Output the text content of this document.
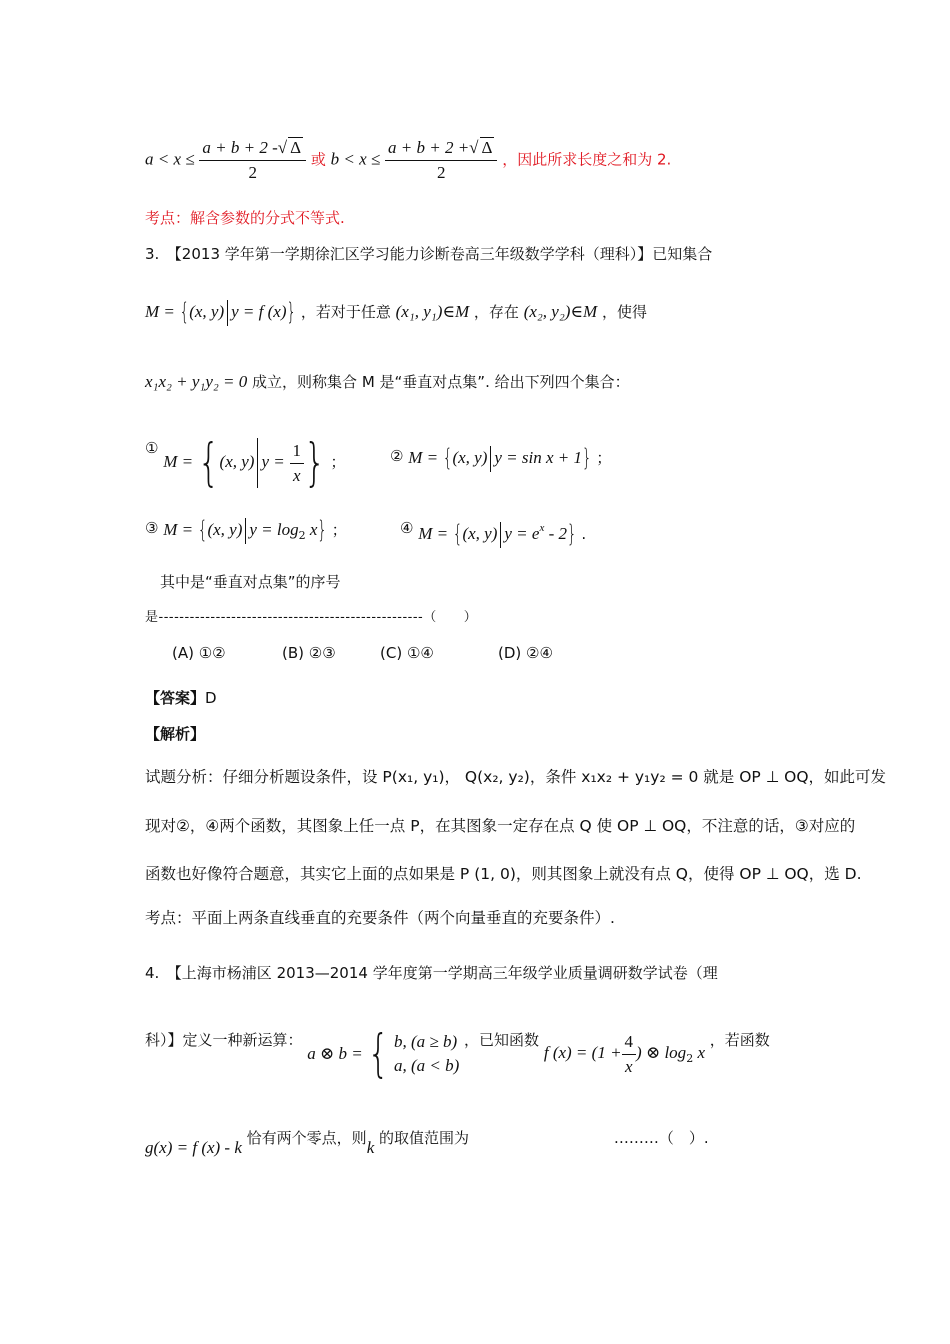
$a < x \le \frac{a + b + 2 -√ \Delta}{2}$ 或 $b < x \le \frac{a + b + 2 +√ \Delta}{2}$ ，因此所求长度之和为 2.
考点：解含参数的分式不等式.
3.　【2013 学年第一学期徐汇区学习能力诊断卷高三年级数学学科（理科）】已知集合
M = {(x, y) y = f (x)} ，若对于任意 (x₁, y₁)∈M ，存在 (x₂, y₂)∈M ，使得
x₁x₂ + y₁y₂ = 0 成立，则称集合 M 是“垂直对点集”. 给出下列四个集合：
① M = {(x, y) $y = \frac{1}{x}$ } ；	② M = {(x, y) y = sin x + 1} ；
③ M = {(x, y) $y = \log_2 x$} ；	④ M = {(x, y) $y = e^x - 2$} .
其中是“垂直对点集”的序号
是---------------------------------------------------（　　）
(A) ①②	(B) ②③	(C) ①④	(D) ②④
【答案】D
【解析】
试题分析：仔细分析题设条件，设 P(x₁, y₁)， Q(x₂, y₂)，条件 x₁x₂ + y₁y₂ = 0 就是 OP ⊥ OQ，如此可发
现对②，④两个函数，其图象上任一点 P，在其图象一定存在点 Q 使 OP ⊥ OQ，不注意的话，③对应的
函数也好像符合题意，其实它上面的点如果是 P (1, 0)，则其图象上就没有点 Q，使得 OP ⊥ OQ，选 D.
考点：平面上两条直线垂直的充要条件（两个向量垂直的充要条件）.
4.　【上海市杨浦区 2013—2014 学年度第一学期高三年级学业质量调研数学试卷（理
科）】定义一种新运算： a ⊗ b = { b, (a ≥ b)
a, (a < b)
，已知函数 f $(x) = (1 + \frac{4}{x}$ ) ⊗ $\log_2 x$ ，若函数
g(x) = f (x) - k 恰有两个零点，则k 的取值范围为	………（　）.
